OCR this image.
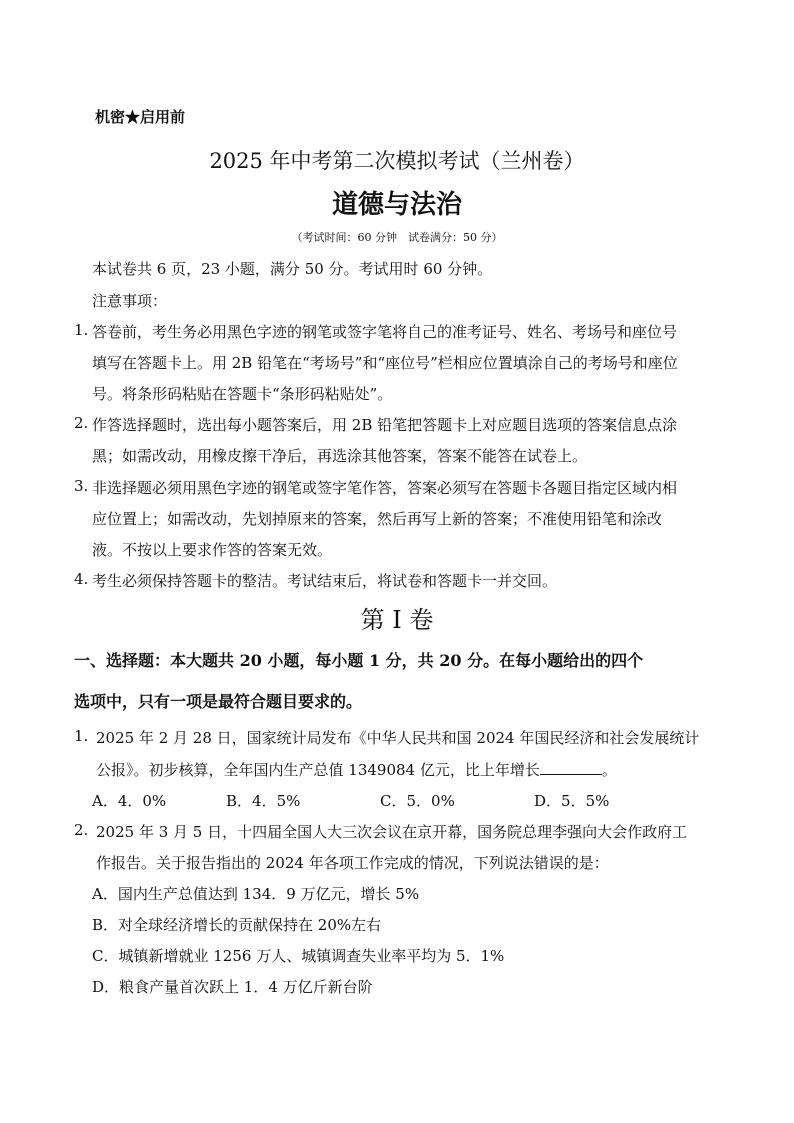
机密★启用前
2025 年中考第二次模拟考试（兰州卷）
道德与法治
（考试时间：60 分钟　试卷满分：50 分）
本试卷共 6 页，23 小题，满分 50 分。考试用时 60 分钟。
注意事项：
1. 答卷前，考生务必用黑色字迹的钢笔或签字笔将自己的准考证号、姓名、考场号和座位号
填写在答题卡上。用 2B 铅笔在“考场号”和“座位号”栏相应位置填涂自己的考场号和座位
号。将条形码粘贴在答题卡“条形码粘贴处”。
2. 作答选择题时，选出每小题答案后，用 2B 铅笔把答题卡上对应题目选项的答案信息点涂
黑；如需改动，用橡皮擦干净后，再选涂其他答案，答案不能答在试卷上。
3. 非选择题必须用黑色字迹的钢笔或签字笔作答，答案必须写在答题卡各题目指定区域内相
应位置上；如需改动，先划掉原来的答案，然后再写上新的答案；不准使用铅笔和涂改
液。不按以上要求作答的答案无效。
4. 考生必须保持答题卡的整洁。考试结束后，将试卷和答题卡一并交回。
第 I 卷
一、选择题：本大题共 20 小题，每小题 1 分，共 20 分。在每小题给出的四个
选项中，只有一项是最符合题目要求的。
1. 2025 年 2 月 28 日，国家统计局发布《中华人民共和国 2024 年国民经济和社会发展统计
公报》。初步核算，全年国内生产总值 1349084 亿元，比上年增长	。
A．4．0%	B．4．5%	C．5．0%	D．5．5%
2. 2025 年 3 月 5 日，十四届全国人大三次会议在京开幕，国务院总理李强向大会作政府工
作报告。关于报告指出的 2024 年各项工作完成的情况，下列说法错误的是：
A．国内生产总值达到 134．9 万亿元，增长 5%
B．对全球经济增长的贡献保持在 20%左右
C．城镇新增就业 1256 万人、城镇调查失业率平均为 5．1%
D．粮食产量首次跃上 1．4 万亿斤新台阶
